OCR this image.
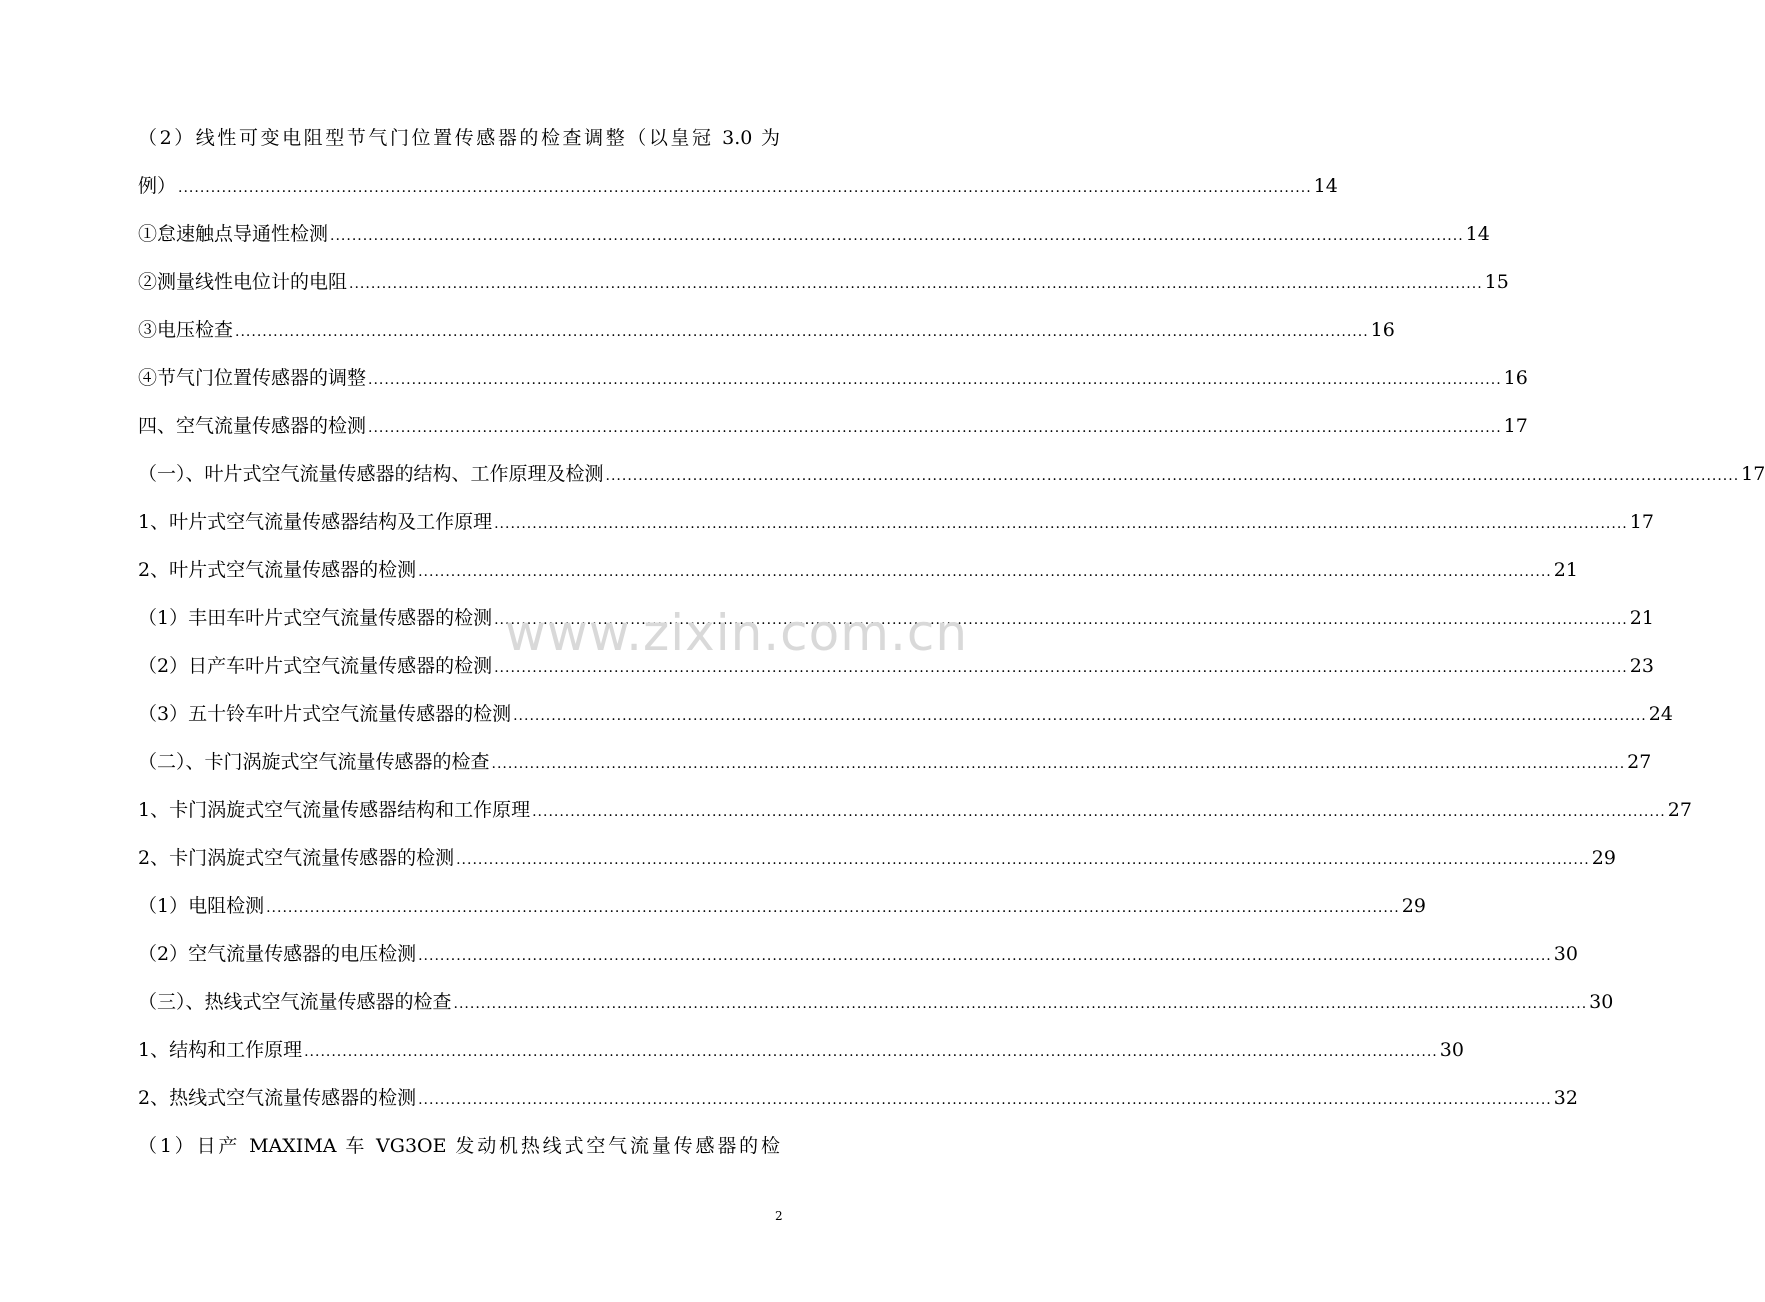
（2）线性可变电阻型节气门位置传感器的检查调整（以皇冠 3.0 为
例） .....	14
①怠速触点导通性检测 .....	14
②测量线性电位计的电阻 .....	15
③电压检查 .....	16
④节气门位置传感器的调整 .....	16
四、空气流量传感器的检测 .....	17
（一）、叶片式空气流量传感器的结构、工作原理及检测 .....	17
1、叶片式空气流量传感器结构及工作原理 .....	17
2、叶片式空气流量传感器的检测 .....	21
（1）丰田车叶片式空气流量传感器的检测 .....	21
（2）日产车叶片式空气流量传感器的检测 .....	23
（3）五十铃车叶片式空气流量传感器的检测 .....	24
（二）、卡门涡旋式空气流量传感器的检查 .....	27
1、卡门涡旋式空气流量传感器结构和工作原理 .....	27
2、卡门涡旋式空气流量传感器的检测 .....	29
（1）电阻检测 .....	29
（2）空气流量传感器的电压检测 .....	30
（三）、热线式空气流量传感器的检查 .....	30
1、结构和工作原理 .....	30
2、热线式空气流量传感器的检测 .....	32
（1）日产 MAXIMA 车 VG3OE 发动机热线式空气流量传感器的检
www.zixin.com.cn
2
